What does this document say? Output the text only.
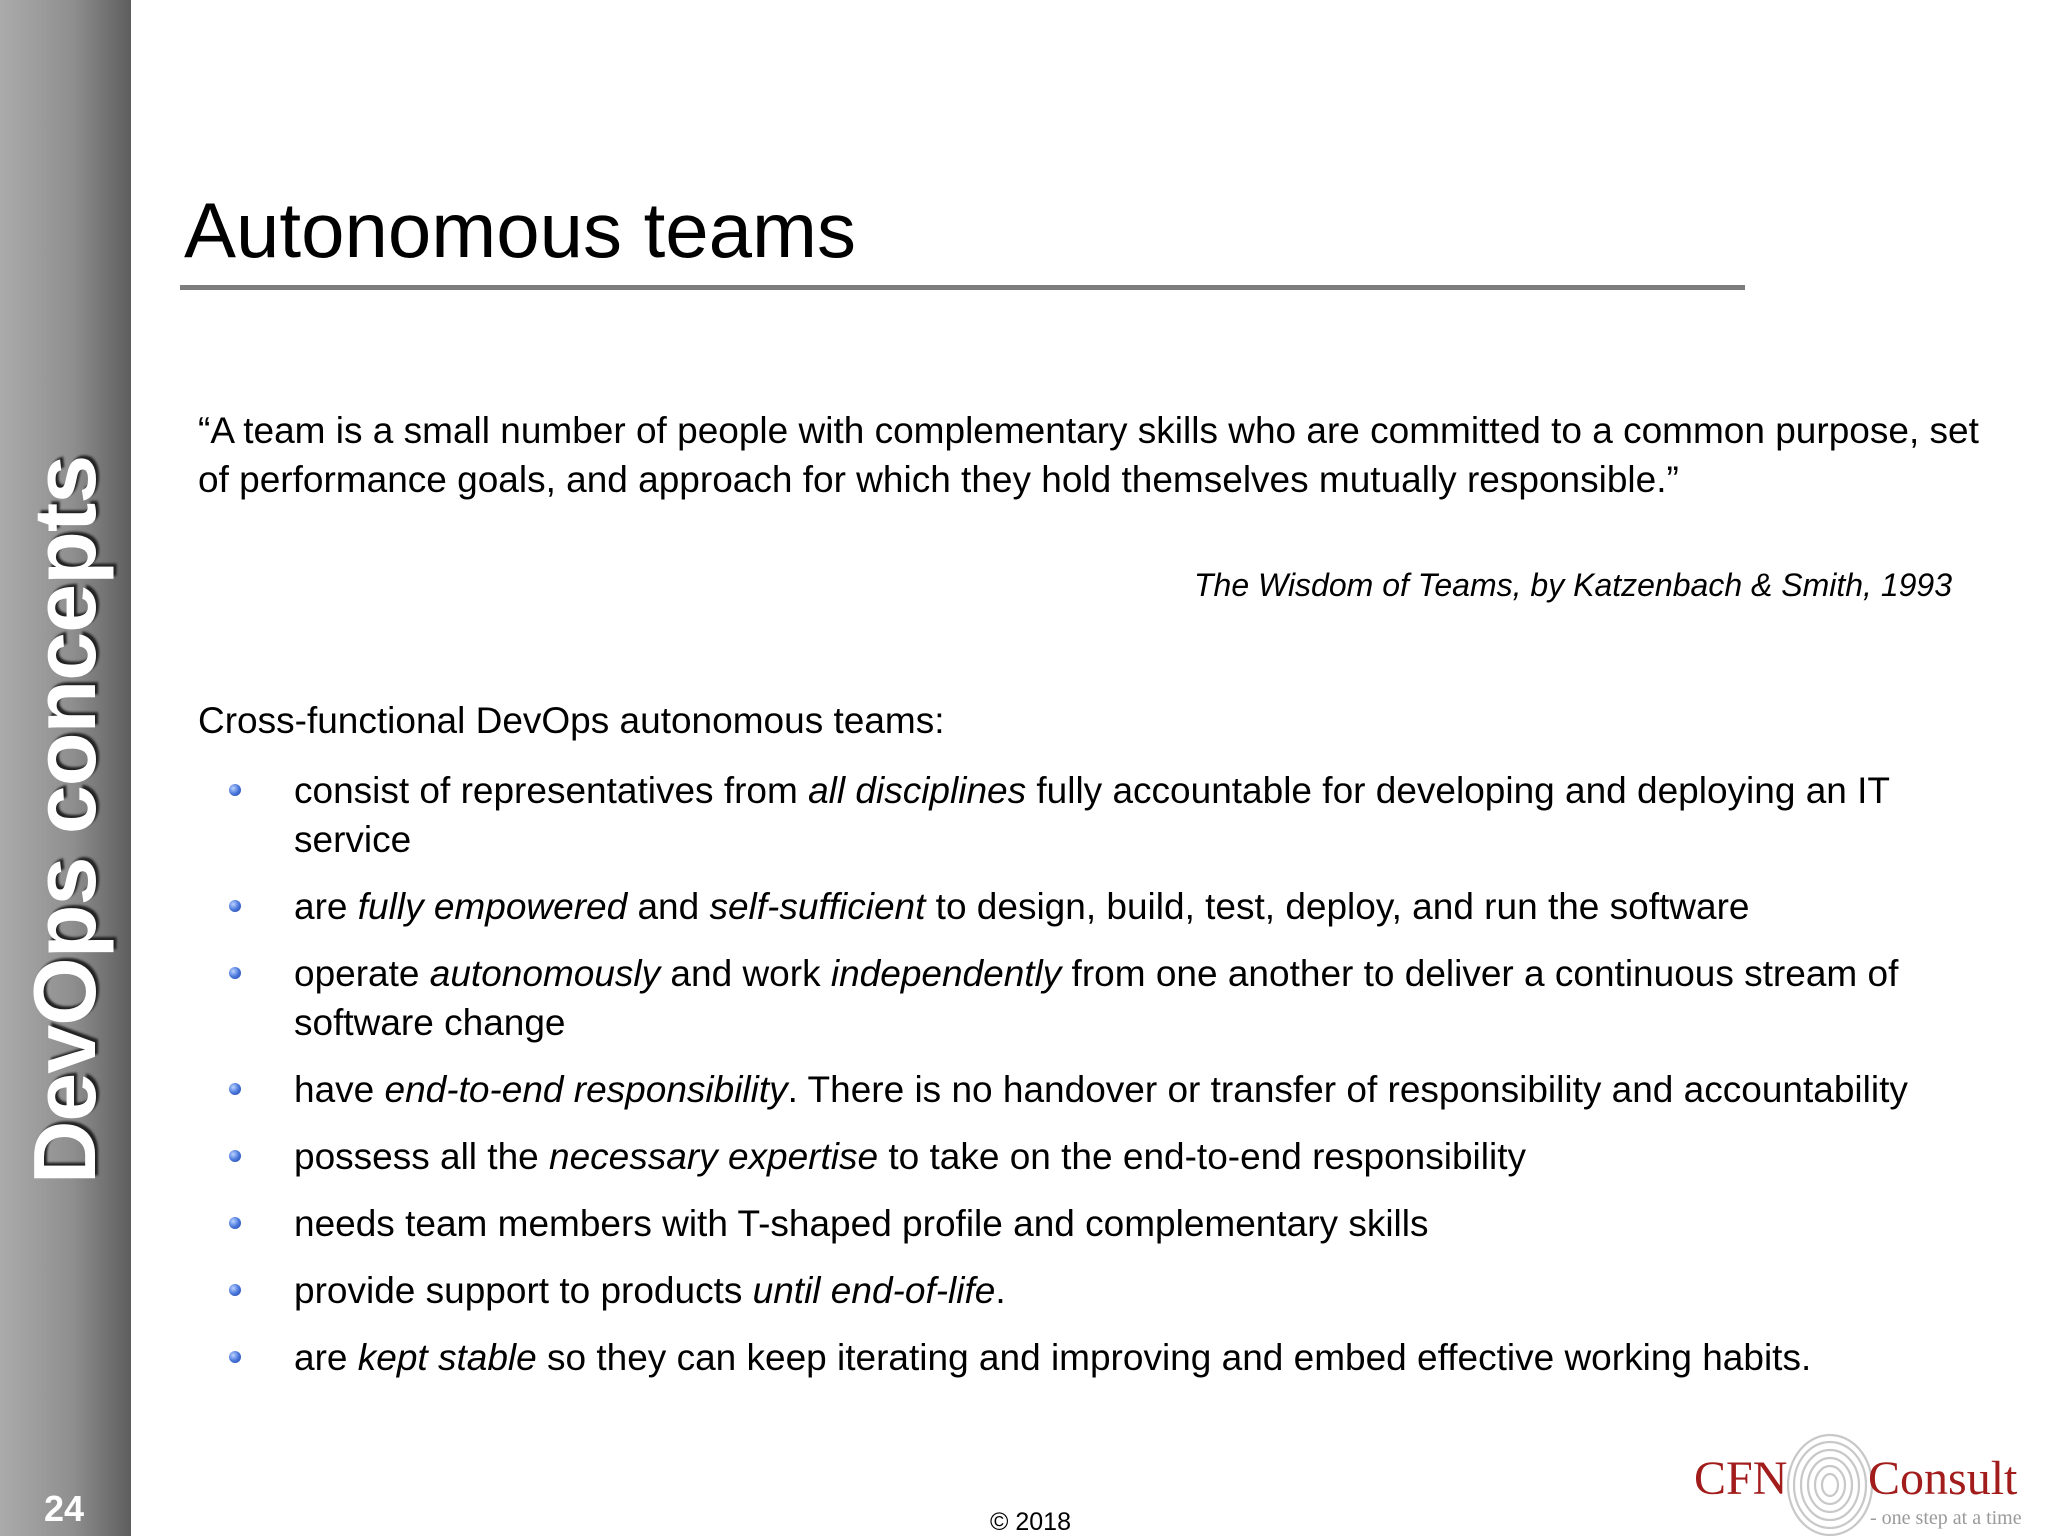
DevOps concepts
24
Autonomous teams
“A team is a small number of people with complementary skills who are committed to a common purpose, set of performance goals, and approach for which they hold themselves mutually responsible.”
The Wisdom of Teams, by Katzenbach & Smith, 1993
Cross-functional DevOps autonomous teams:
consist of representatives from all disciplines fully accountable for developing and deploying an IT service
are fully empowered and self-sufficient to design, build, test, deploy, and run the software
operate autonomously and work independently from one another to deliver a continuous stream of software change
have end-to-end responsibility. There is no handover or transfer of responsibility and accountability
possess all the necessary expertise to take on the end-to-end responsibility
needs team members with T-shaped profile and complementary skills
provide support to products until end-of-life.
are kept stable so they can keep iterating and improving and embed effective working habits.
© 2018
CFN Consult
- one step at a time
